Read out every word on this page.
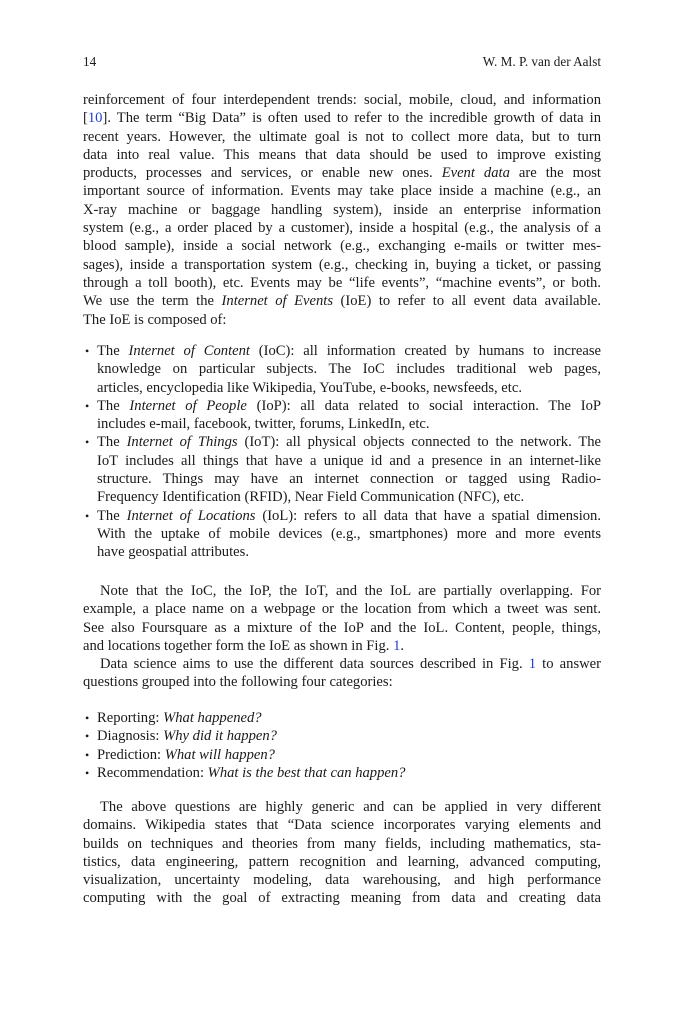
14	W. M. P. van der Aalst
reinforcement of four interdependent trends: social, mobile, cloud, and information
[10]. The term “Big Data” is often used to refer to the incredible growth of data in
recent years. However, the ultimate goal is not to collect more data, but to turn
data into real value. This means that data should be used to improve existing
products, processes and services, or enable new ones. Event data are the most
important source of information. Events may take place inside a machine (e.g., an
X-ray machine or baggage handling system), inside an enterprise information
system (e.g., a order placed by a customer), inside a hospital (e.g., the analysis of a
blood sample), inside a social network (e.g., exchanging e-mails or twitter mes-
sages), inside a transportation system (e.g., checking in, buying a ticket, or passing
through a toll booth), etc. Events may be “life events”, “machine events”, or both.
We use the term the Internet of Events (IoE) to refer to all event data available.
The IoE is composed of:
• The Internet of Content (IoC): all information created by humans to increase
knowledge on particular subjects. The IoC includes traditional web pages,
articles, encyclopedia like Wikipedia, YouTube, e-books, newsfeeds, etc.
• The Internet of People (IoP): all data related to social interaction. The IoP
includes e-mail, facebook, twitter, forums, LinkedIn, etc.
• The Internet of Things (IoT): all physical objects connected to the network. The
IoT includes all things that have a unique id and a presence in an internet-like
structure. Things may have an internet connection or tagged using Radio-
Frequency Identification (RFID), Near Field Communication (NFC), etc.
• The Internet of Locations (IoL): refers to all data that have a spatial dimension.
With the uptake of mobile devices (e.g., smartphones) more and more events
have geospatial attributes.
Note that the IoC, the IoP, the IoT, and the IoL are partially overlapping. For
example, a place name on a webpage or the location from which a tweet was sent.
See also Foursquare as a mixture of the IoP and the IoL. Content, people, things,
and locations together form the IoE as shown in Fig. 1.
Data science aims to use the different data sources described in Fig. 1 to answer
questions grouped into the following four categories:
• Reporting: What happened?
• Diagnosis: Why did it happen?
• Prediction: What will happen?
• Recommendation: What is the best that can happen?
The above questions are highly generic and can be applied in very different
domains. Wikipedia states that “Data science incorporates varying elements and
builds on techniques and theories from many fields, including mathematics, sta-
tistics, data engineering, pattern recognition and learning, advanced computing,
visualization, uncertainty modeling, data warehousing, and high performance
computing with the goal of extracting meaning from data and creating data
